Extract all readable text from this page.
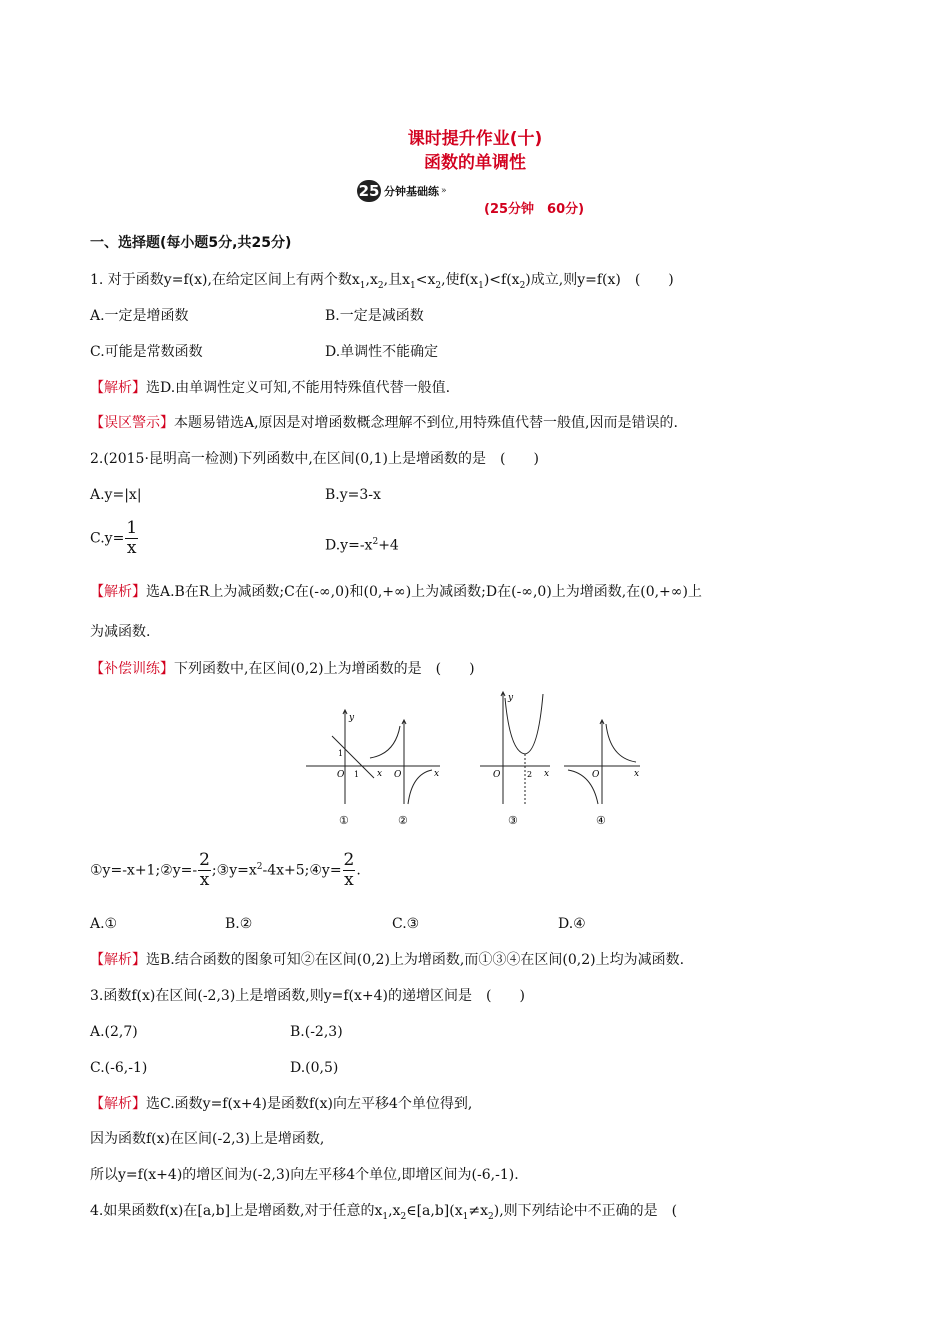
课时提升作业(十)
函数的单调性
25 分钟基础练 »
(25分钟　60分)
一、选择题(每小题5分,共25分)
1. 对于函数y=f(x),在给定区间上有两个数$x_1,x_2$,且$x_1<x_2$,使$f(x_1)<f(x_2)$成立,则y=f(x)　(　　)
A.一定是增函数	B.一定是减函数
C.可能是常数函数	D.单调性不能确定
【解析】选D.由单调性定义可知,不能用特殊值代替一般值.
【误区警示】本题易错选A,原因是对增函数概念理解不到位,用特殊值代替一般值,因而是错误的.
2.(2015·昆明高一检测)下列函数中,在区间(0,1)上是增函数的是　(　　)
A.y=|x|	B.y=3-x
$C.y= \frac{1}{x}$	$D.y=-x^2+4$
【解析】选A.B在R上为减函数;C在(-∞,0)和(0,+∞)上为减函数;D在(-∞,0)上为增函数,在(0,+∞)上
为减函数.
【补偿训练】下列函数中,在区间(0,2)上为增函数的是　(　　)
y
x
O
1
1	x
O
y
x
O	2	x
O
①	②	③	④
①y=-x+1;②y=- $\frac{2}{x}$ $;③y=x^2-4x+5;④y= \frac{2}{x}$ .
A.①	B.②	C.③	D.④
【解析】选B.结合函数的图象可知②在区间(0,2)上为增函数,而①③④在区间(0,2)上均为减函数.
3.函数f(x)在区间(-2,3)上是增函数,则y=f(x+4)的递增区间是　(　　)
A.(2,7)	B.(-2,3)
C.(-6,-1)	D.(0,5)
【解析】选C.函数y=f(x+4)是函数f(x)向左平移4个单位得到,
因为函数f(x)在区间(-2,3)上是增函数,
所以y=f(x+4)的增区间为(-2,3)向左平移4个单位,即增区间为(-6,-1).
4.如果函数f(x)在[a,b]上是增函数,对于任意的$x_1,x_2\in[a,b](x_1\ne x_2)$,则下列结论中不正确的是　(
